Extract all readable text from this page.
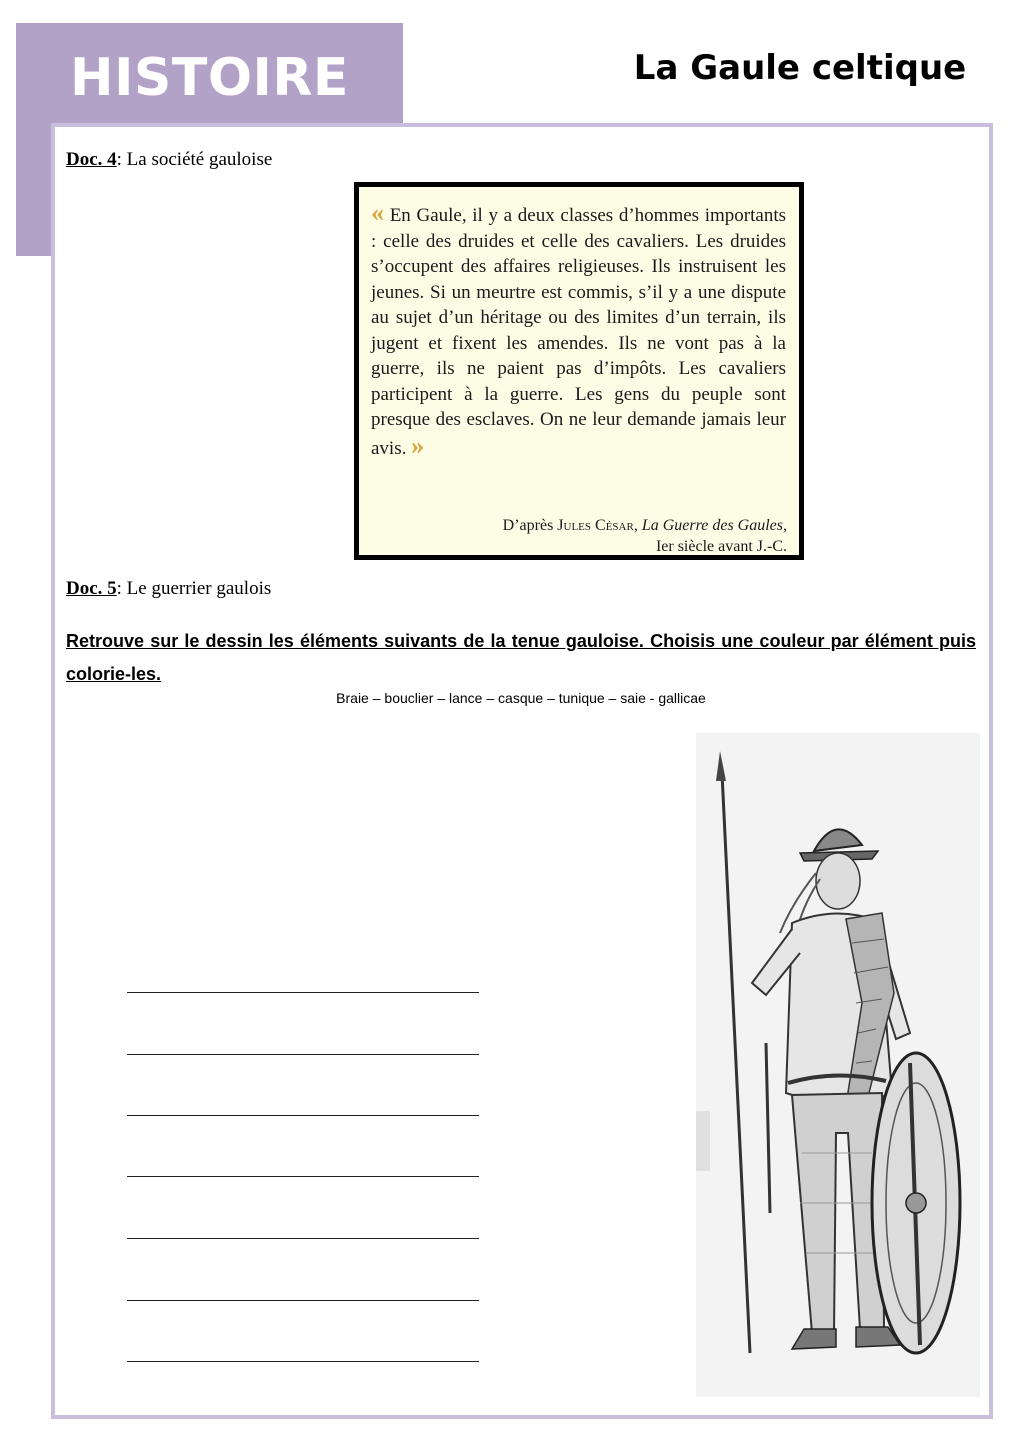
HISTOIRE	La Gaule celtique
Doc. 4: La société gauloise
« En Gaule, il y a deux classes d’hommes importants : celle des druides et celle des cavaliers. Les druides s’occupent des affaires religieuses. Ils instruisent les jeunes. Si un meurtre est commis, s’il y a une dispute au sujet d’un héritage ou des limites d’un terrain, ils jugent et fixent les amendes. Ils ne vont pas à la guerre, ils ne paient pas d’impôts. Les cavaliers participent à la guerre. Les gens du peuple sont presque des esclaves. On ne leur demande jamais leur avis. »
D’après Jules César, La Guerre des Gaules,
Ier siècle avant J.-C.
Doc. 5: Le guerrier gaulois
Retrouve sur le dessin les éléments suivants de la tenue gauloise. Choisis une couleur par élément puis colorie-les.
Braie – bouclier – lance – casque – tunique – saie - gallicae
